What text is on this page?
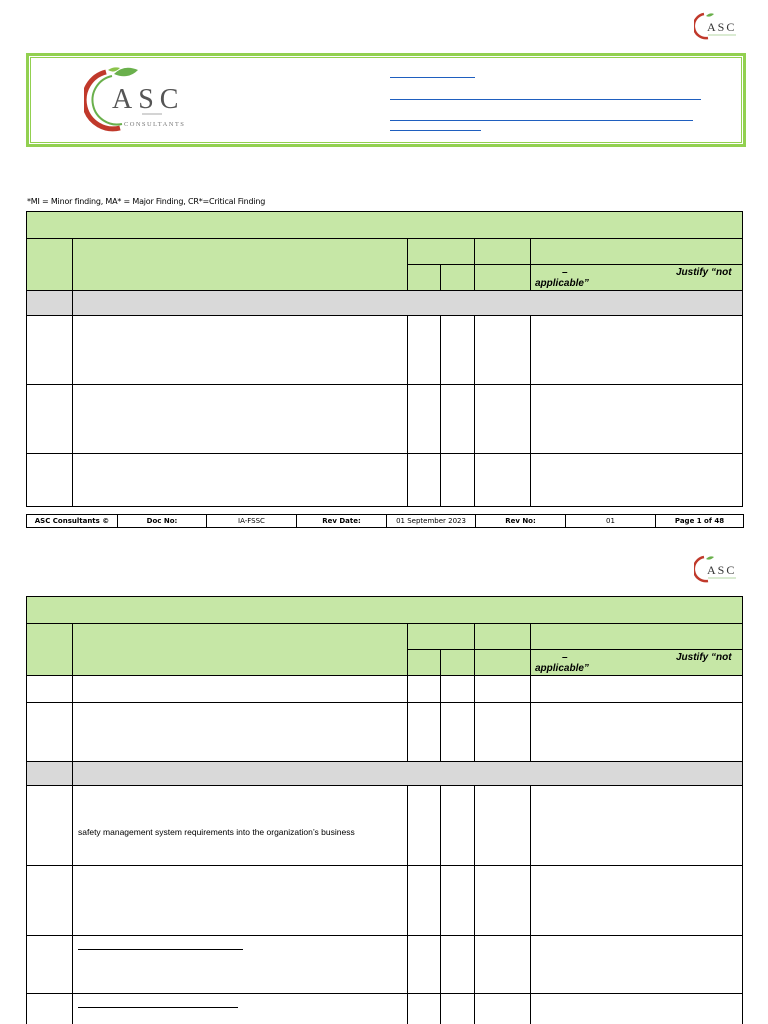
ASC
ASC
CONSULTANTS
*MI = Minor finding, MA* = Major Finding, CR*=Critical Finding
–	Justify “not
applicable”
ASC Consultants ©	Doc No:	IA-FSSC	Rev Date:	01 September 2023	Rev No:	01	Page 1 of 48
ASC
–	Justify “not
applicable”
safety management system requirements into the organization’s business
